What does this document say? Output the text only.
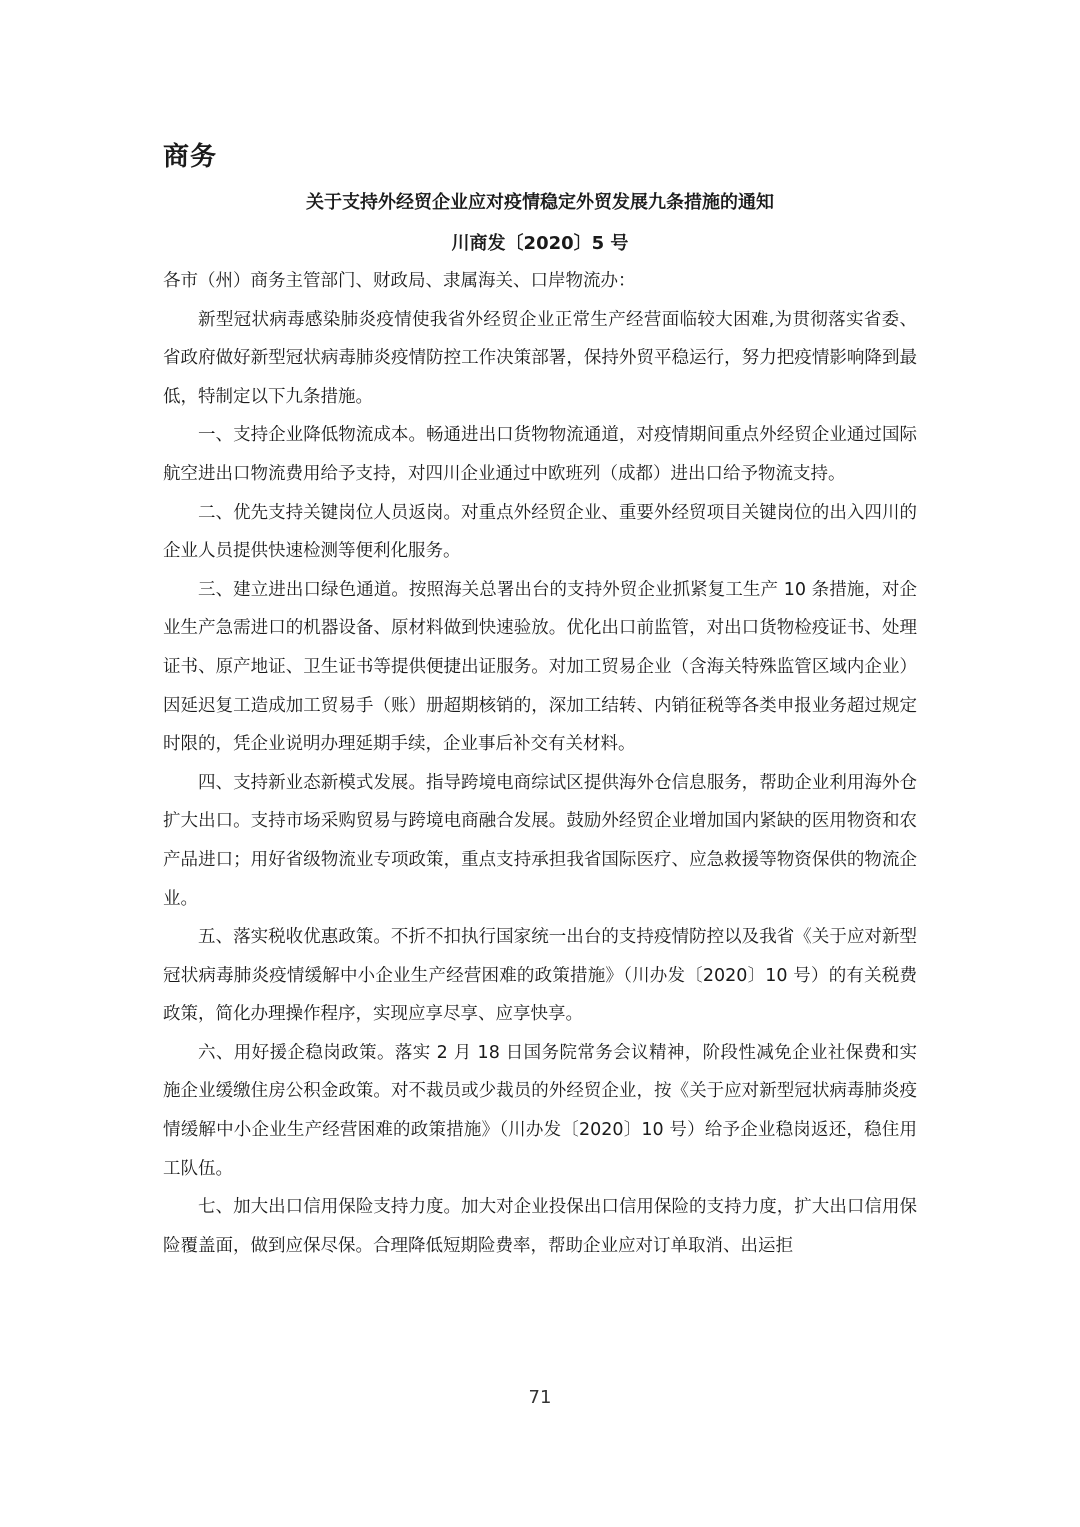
商务
关于支持外经贸企业应对疫情稳定外贸发展九条措施的通知
川商发〔2020〕5 号

各市（州）商务主管部门、财政局、隶属海关、口岸物流办：

新型冠状病毒感染肺炎疫情使我省外经贸企业正常生产经营面临较大困难,为贯彻落实省委、省政府做好新型冠状病毒肺炎疫情防控工作决策部署，保持外贸平稳运行，努力把疫情影响降到最低，特制定以下九条措施。

一、支持企业降低物流成本。畅通进出口货物物流通道，对疫情期间重点外经贸企业通过国际航空进出口物流费用给予支持，对四川企业通过中欧班列（成都）进出口给予物流支持。

二、优先支持关键岗位人员返岗。对重点外经贸企业、重要外经贸项目关键岗位的出入四川的企业人员提供快速检测等便利化服务。

三、建立进出口绿色通道。按照海关总署出台的支持外贸企业抓紧复工生产 10 条措施，对企业生产急需进口的机器设备、原材料做到快速验放。优化出口前监管，对出口货物检疫证书、处理证书、原产地证、卫生证书等提供便捷出证服务。对加工贸易企业（含海关特殊监管区域内企业）因延迟复工造成加工贸易手（账）册超期核销的，深加工结转、内销征税等各类申报业务超过规定时限的，凭企业说明办理延期手续，企业事后补交有关材料。

四、支持新业态新模式发展。指导跨境电商综试区提供海外仓信息服务，帮助企业利用海外仓扩大出口。支持市场采购贸易与跨境电商融合发展。鼓励外经贸企业增加国内紧缺的医用物资和农产品进口；用好省级物流业专项政策，重点支持承担我省国际医疗、应急救援等物资保供的物流企业。

五、落实税收优惠政策。不折不扣执行国家统一出台的支持疫情防控以及我省《关于应对新型冠状病毒肺炎疫情缓解中小企业生产经营困难的政策措施》（川办发〔2020〕10 号）的有关税费政策，简化办理操作程序，实现应享尽享、应享快享。

六、用好援企稳岗政策。落实 2 月 18 日国务院常务会议精神，阶段性减免企业社保费和实施企业缓缴住房公积金政策。对不裁员或少裁员的外经贸企业，按《关于应对新型冠状病毒肺炎疫情缓解中小企业生产经营困难的政策措施》（川办发〔2020〕10 号）给予企业稳岗返还，稳住用工队伍。

七、加大出口信用保险支持力度。加大对企业投保出口信用保险的支持力度，扩大出口信用保险覆盖面，做到应保尽保。合理降低短期险费率，帮助企业应对订单取消、出运拒

71
